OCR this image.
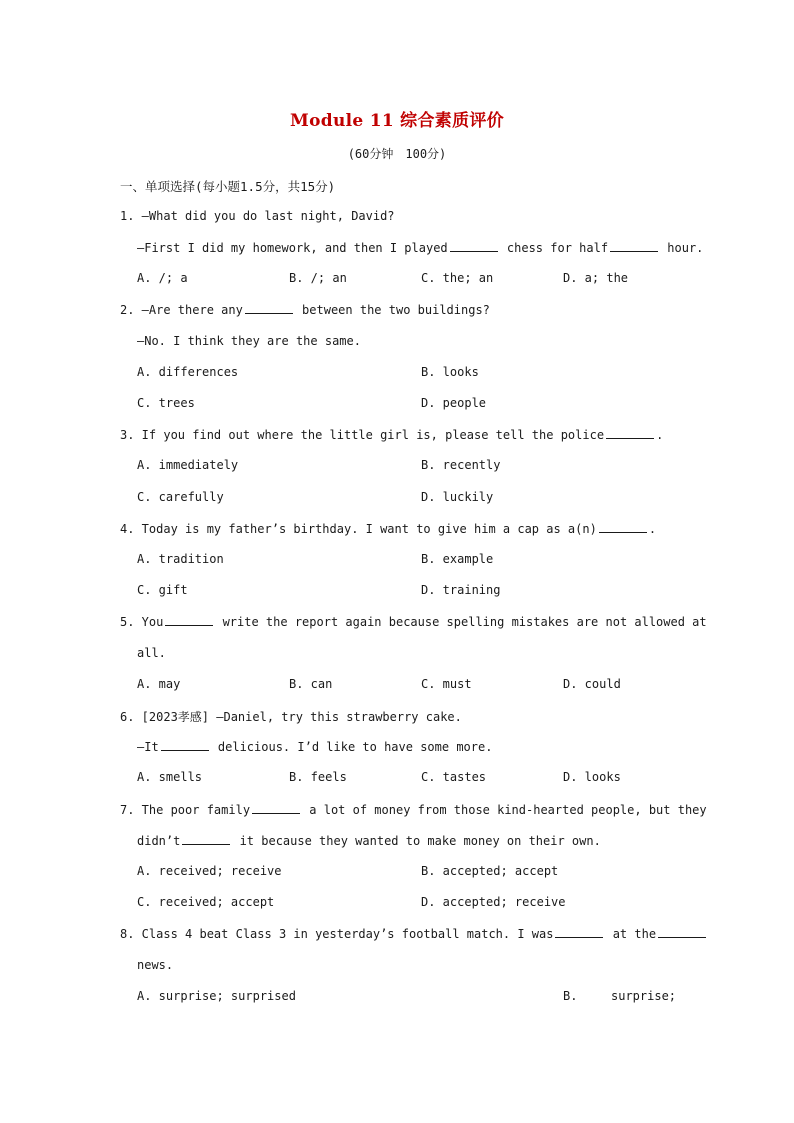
Module 11 综合素质评价
(60分钟　100分)
一、单项选择(每小题1.5分，共15分)
1. —What did you do last night, David?
—First I did my homework, and then I played	chess for half	hour.
A. /; a	B. /; an	C. the; an	D. a; the
2. —Are there any	between the two buildings?
—No. I think they are the same.
A. differences	B. looks
C. trees	D. people
3. If you find out where the little girl is, please tell the police	.
A. immediately	B. recently
C. carefully	D. luckily
4. Today is my father’s birthday. I want to give him a cap as a(n)	.
A. tradition	B. example
C. gift	D. training
5. You	write the report again because spelling mistakes are not allowed at
all.
A. may	B. can	C. must	D. could
6. [2023孝感] —Daniel, try this strawberry cake.
—It	delicious. I’d like to have some more.
A. smells	B. feels	C. tastes	D. looks
7. The poor family	a lot of money from those kind-hearted people, but they
didn’t	it because they wanted to make money on their own.
A. received; receive	B. accepted; accept
C. received; accept	D. accepted; receive
8. Class 4 beat Class 3 in yesterday’s football match. I was	at the
news.
A. surprise; surprised	B.	surprise;
